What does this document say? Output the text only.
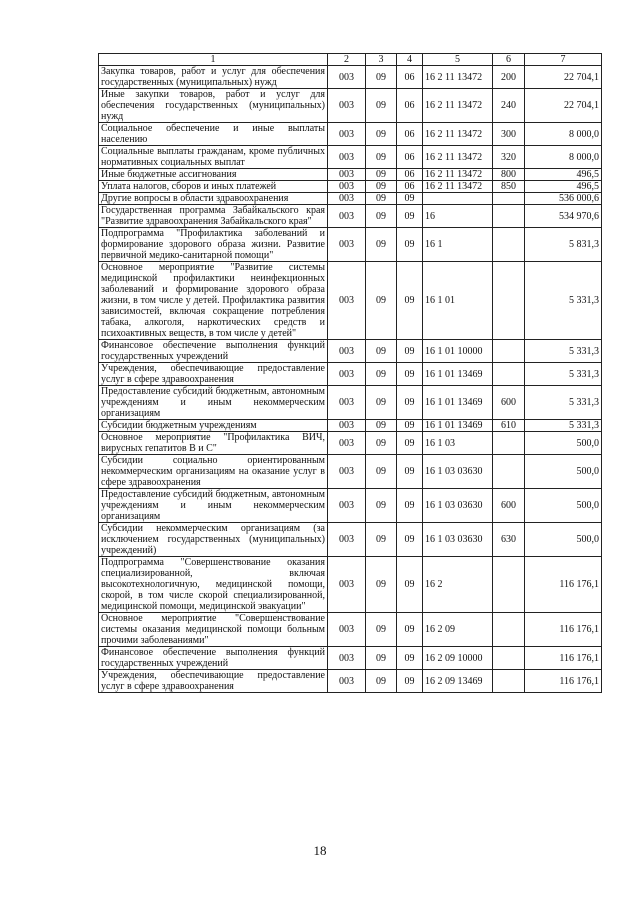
1	2	3	4	5	6	7
Закупка товаров, работ и услуг для обеспечения государственных (муниципальных) нужд	003	09	06	16 2 11 13472	200	22 704,1
Иные закупки товаров, работ и услуг для обеспечения государственных (муниципальных) нужд	003	09	06	16 2 11 13472	240	22 704,1
Социальное обеспечение и иные выплаты населению	003	09	06	16 2 11 13472	300	8 000,0
Социальные выплаты гражданам, кроме публичных нормативных социальных выплат	003	09	06	16 2 11 13472	320	8 000,0
Иные бюджетные ассигнования	003	09	06	16 2 11 13472	800	496,5
Уплата налогов, сборов и иных платежей	003	09	06	16 2 11 13472	850	496,5
Другие вопросы в области здравоохранения	003	09	09			536 000,6
Государственная программа Забайкальского края "Развитие здравоохранения Забайкальского края"	003	09	09	16		534 970,6
Подпрограмма "Профилактика заболеваний и формирование здорового образа жизни. Развитие первичной медико-санитарной помощи"	003	09	09	16 1		5 831,3
Основное мероприятие "Развитие системы медицинской профилактики неинфекционных заболеваний и формирование здорового образа жизни, в том числе у детей. Профилактика развития зависимостей, включая сокращение потребления табака, алкоголя, наркотических средств и психоактивных веществ, в том числе у детей"	003	09	09	16 1 01		5 331,3
Финансовое обеспечение выполнения функций государственных учреждений	003	09	09	16 1 01 10000		5 331,3
Учреждения, обеспечивающие предоставление услуг в сфере здравоохранения	003	09	09	16 1 01 13469		5 331,3
Предоставление субсидий бюджетным, автономным учреждениям и иным некоммерческим организациям	003	09	09	16 1 01 13469	600	5 331,3
Субсидии бюджетным учреждениям	003	09	09	16 1 01 13469	610	5 331,3
Основное мероприятие "Профилактика ВИЧ, вирусных гепатитов В и С"	003	09	09	16 1 03		500,0
Субсидии социально ориентированным некоммерческим организациям на оказание услуг в сфере здравоохранения	003	09	09	16 1 03 03630		500,0
Предоставление субсидий бюджетным, автономным учреждениям и иным некоммерческим организациям	003	09	09	16 1 03 03630	600	500,0
Субсидии некоммерческим организациям (за исключением государственных (муниципальных) учреждений)	003	09	09	16 1 03 03630	630	500,0
Подпрограмма "Совершенствование оказания специализированной, включая высокотехнологичную, медицинской помощи, скорой, в том числе скорой специализированной, медицинской помощи, медицинской эвакуации"	003	09	09	16 2		116 176,1
Основное мероприятие "Совершенствование системы оказания медицинской помощи больным прочими заболеваниями"	003	09	09	16 2 09		116 176,1
Финансовое обеспечение выполнения функций государственных учреждений	003	09	09	16 2 09 10000		116 176,1
Учреждения, обеспечивающие предоставление услуг в сфере здравоохранения	003	09	09	16 2 09 13469		116 176,1
18
